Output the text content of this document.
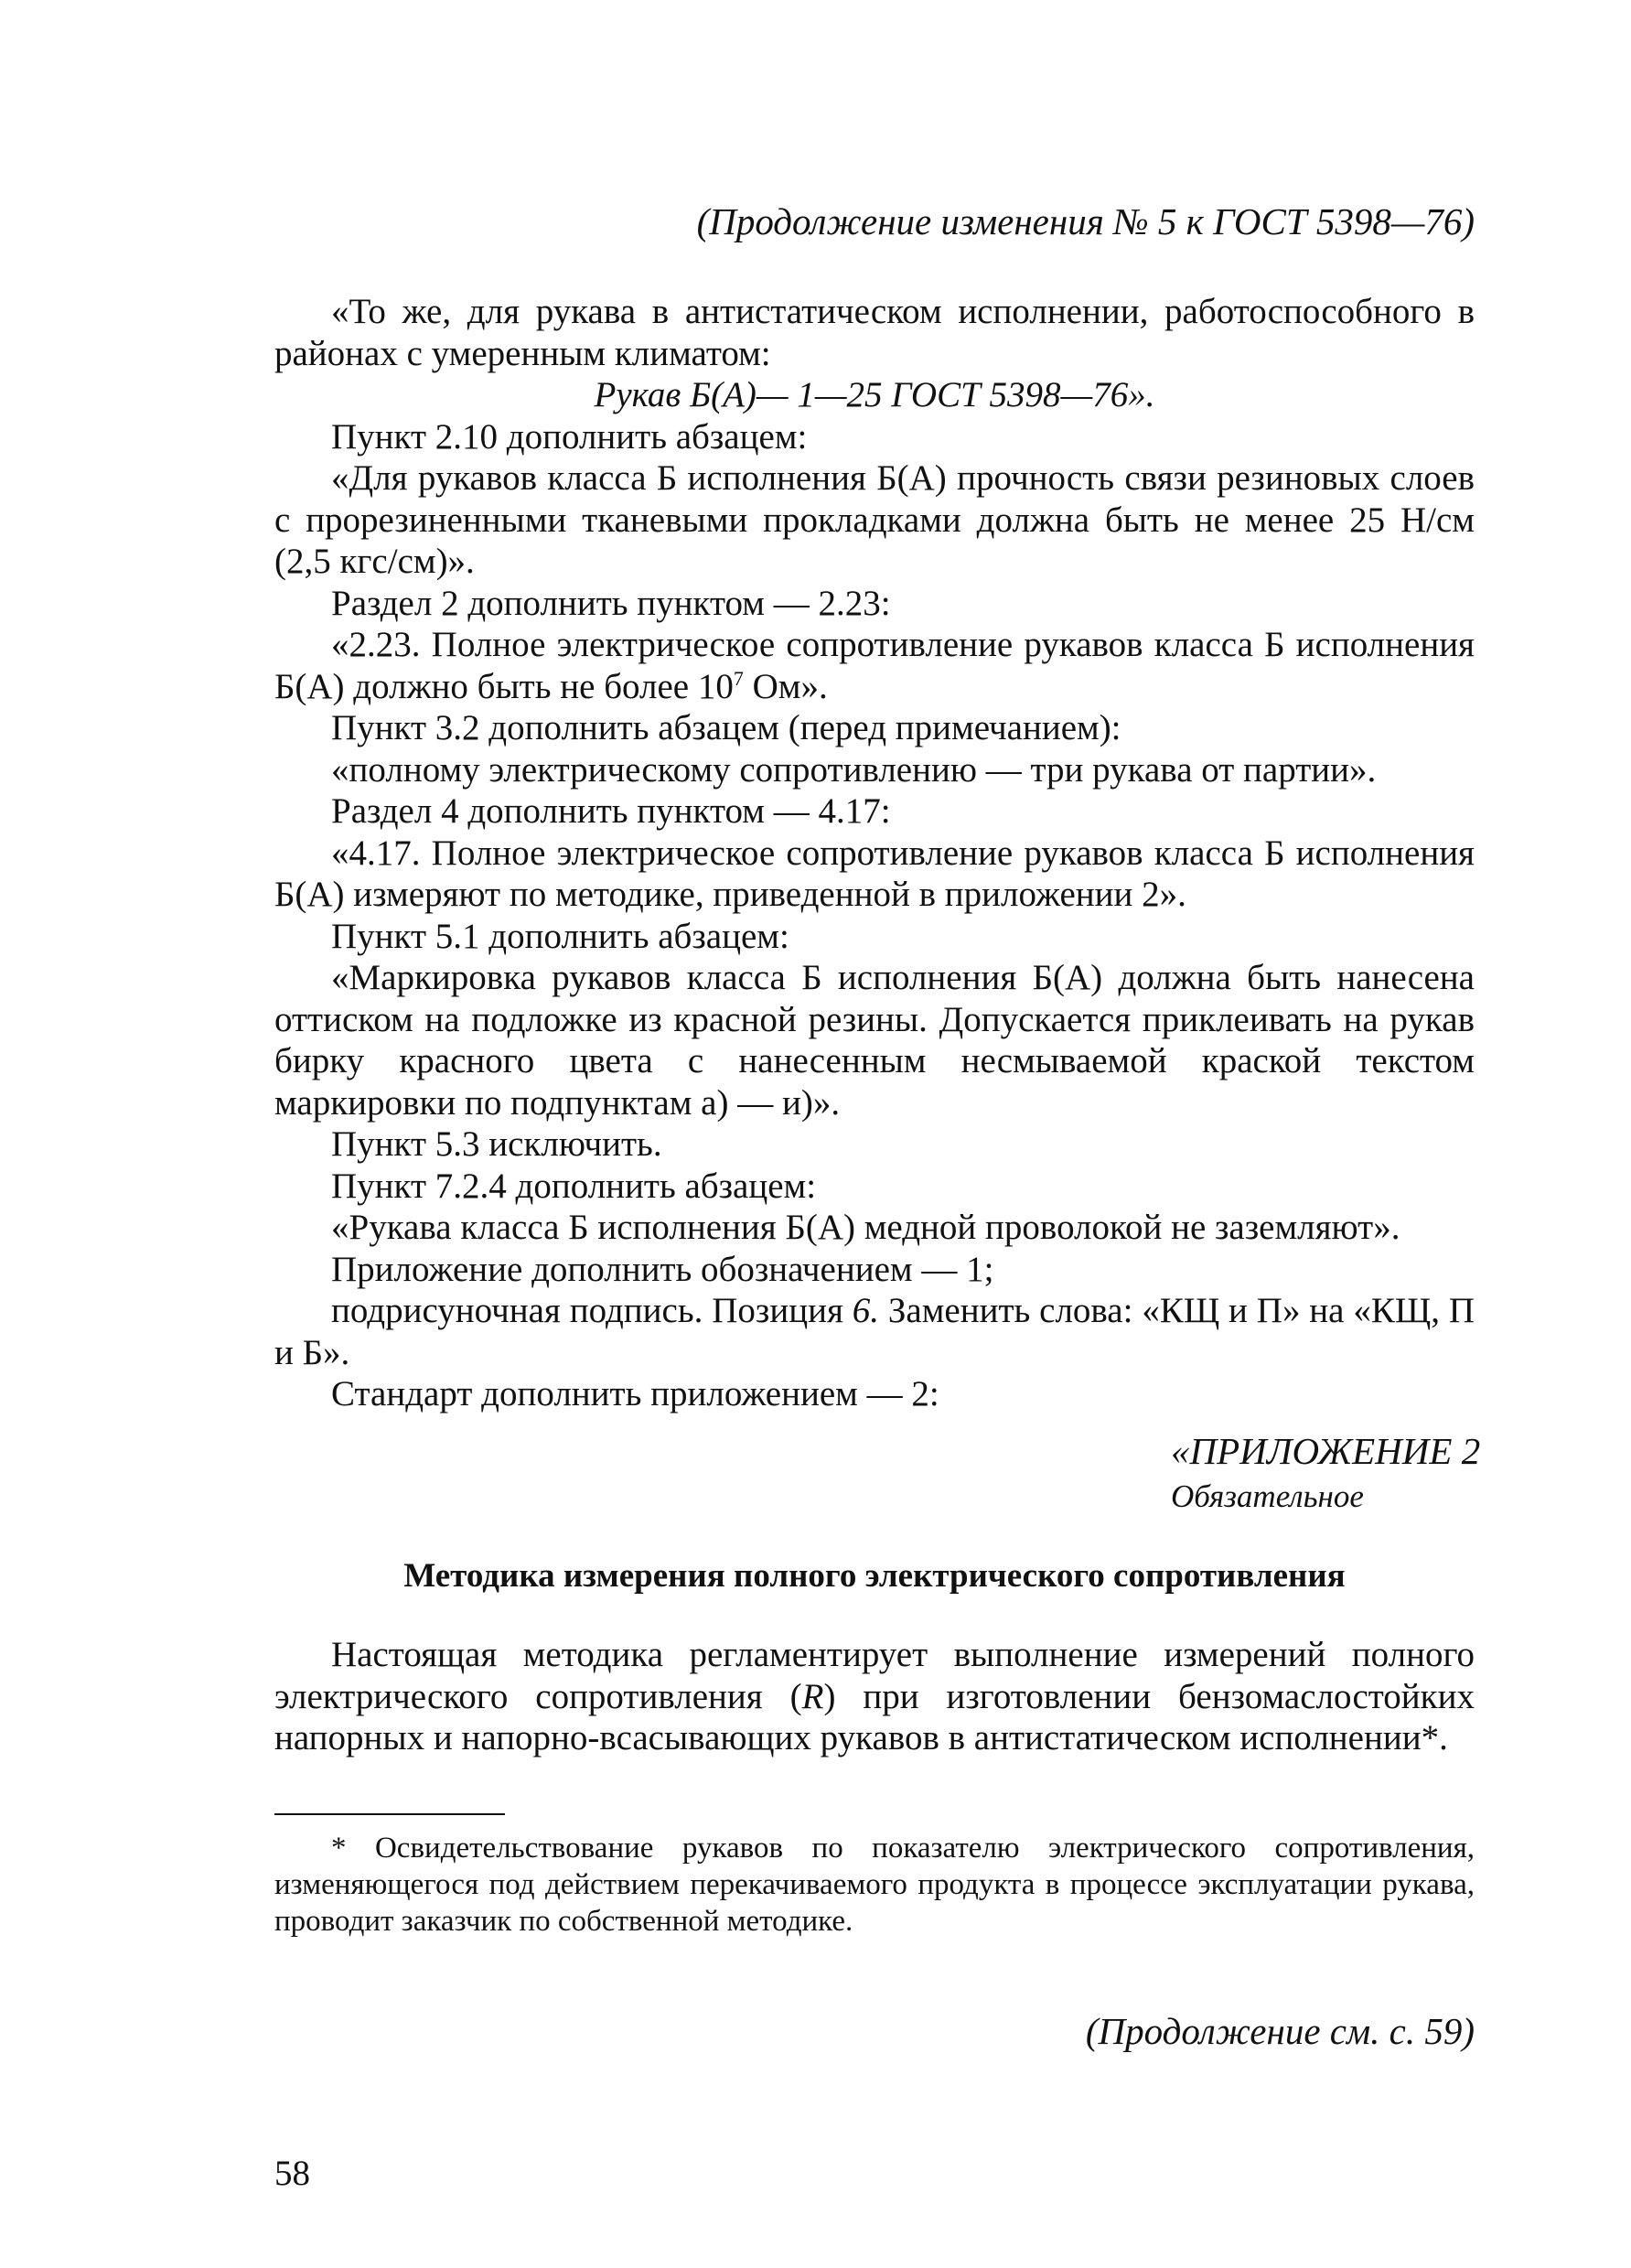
(Продолжение изменения № 5 к ГОСТ 5398—76)

«То же, для рукава в антистатическом исполнении, работоспособного в районах с умеренным климатом:

Рукав Б(А)— 1—25 ГОСТ 5398—76».

Пункт 2.10 дополнить абзацем:

«Для рукавов класса Б исполнения Б(А) прочность связи резиновых слоев с прорезиненными тканевыми прокладками должна быть не менее 25 Н/см (2,5 кгс/см)».

Раздел 2 дополнить пунктом — 2.23:

«2.23. Полное электрическое сопротивление рукавов класса Б исполнения Б(А) должно быть не более $10^7$ Ом».

Пункт 3.2 дополнить абзацем (перед примечанием):

«полному электрическому сопротивлению — три рукава от партии».

Раздел 4 дополнить пунктом — 4.17:

«4.17. Полное электрическое сопротивление рукавов класса Б исполнения Б(А) измеряют по методике, приведенной в приложении 2».

Пункт 5.1 дополнить абзацем:

«Маркировка рукавов класса Б исполнения Б(А) должна быть нанесена оттиском на подложке из красной резины. Допускается приклеивать на рукав бирку красного цвета с нанесенным несмываемой краской текстом маркировки по подпунктам а) — и)».

Пункт 5.3 исключить.

Пункт 7.2.4 дополнить абзацем:

«Рукава класса Б исполнения Б(А) медной проволокой не заземляют».

Приложение дополнить обозначением — 1;

подрисуночная подпись. Позиция 6. Заменить слова: «КЩ и П» на «КЩ, П и Б».

Стандарт дополнить приложением — 2:

«ПРИЛОЖЕНИЕ 2
Обязательное
Методика измерения полного электрического сопротивления

Настоящая методика регламентирует выполнение измерений полного электрического сопротивления (R) при изготовлении бензомаслостойких напорных и напорно-всасывающих рукавов в антистатическом исполнении*.

* Освидетельствование рукавов по показателю электрического сопротивления, изменяющегося под действием перекачиваемого продукта в процессе эксплуатации рукава, проводит заказчик по собственной методике.

(Продолжение см. с. 59)
58
